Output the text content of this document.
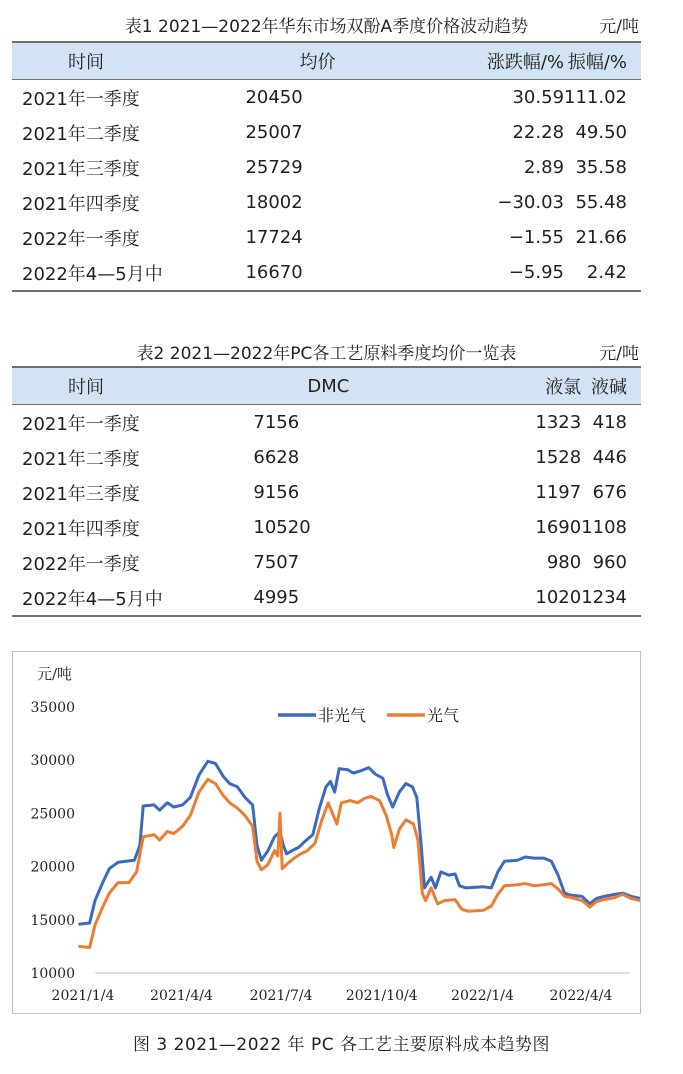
表1 2021—2022年华东市场双酚A季度价格波动趋势	元/吨
时间	均价	涨跌幅/%	振幅/%
2021年一季度	20450	30.59	111.02
2021年二季度	25007	22.28	49.50
2021年三季度	25729	2.89	35.58
2021年四季度	18002	−30.03	55.48
2022年一季度	17724	−1.55	21.66
2022年4—5月中	16670	−5.95	2.42
表2 2021—2022年PC各工艺原料季度均价一览表	元/吨
时间	DMC	液氯	液碱
2021年一季度	7156	1323	418
2021年二季度	6628	1528	446
2021年三季度	9156	1197	676
2021年四季度	10520	1690	1108
2022年一季度	7507	980	960
2022年4—5月中	4995	1020	1234
元/吨
35000
30000
25000
20000
15000
10000
2021/1/4	2021/4/4	2021/7/4 2021/10/4 2022/1/4	2022/4/4
非光气	光气
图 3 2021—2022 年 PC 各工艺主要原料成本趋势图
